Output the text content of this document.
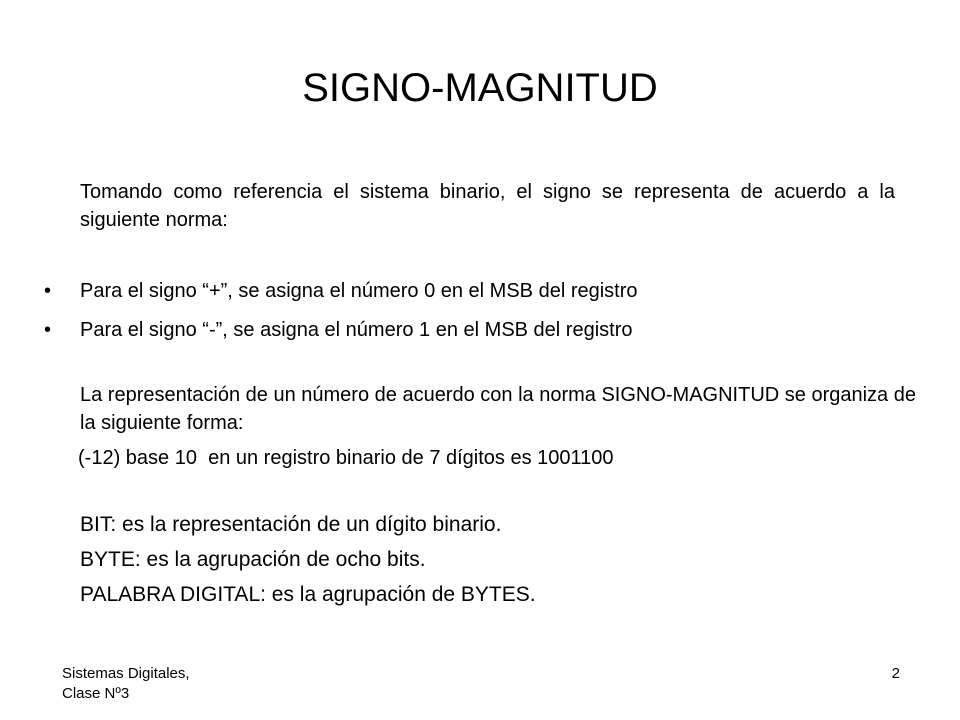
SIGNO-MAGNITUD
Tomando como referencia el sistema binario, el signo se representa de acuerdo a la siguiente norma:
• Para el signo “+”, se asigna el número 0 en el MSB del registro
• Para el signo “-”, se asigna el número 1 en el MSB del registro
La representación de un número de acuerdo con la norma SIGNO-MAGNITUD se organiza de la siguiente forma:
(-12) base 10  en un registro binario de 7 dígitos es 1001100
BIT: es la representación de un dígito binario.
BYTE: es la agrupación de ocho bits.
PALABRA DIGITAL: es la agrupación de BYTES.
Sistemas Digitales,
Clase Nº3
2
